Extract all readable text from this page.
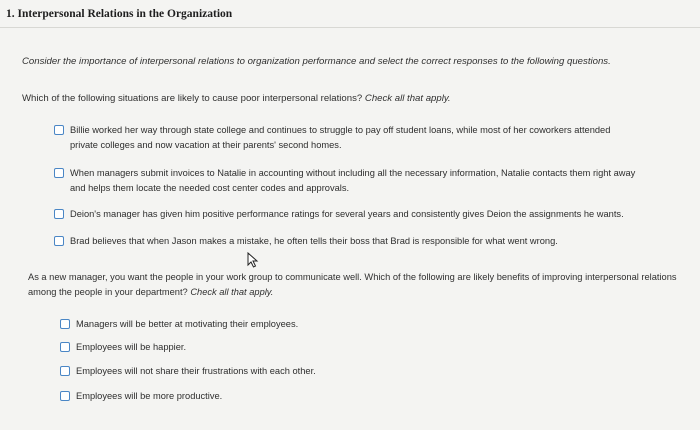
1. Interpersonal Relations in the Organization
Consider the importance of interpersonal relations to organization performance and select the correct responses to the following questions.
Which of the following situations are likely to cause poor interpersonal relations? Check all that apply.
Billie worked her way through state college and continues to struggle to pay off student loans, while most of her coworkers attended
private colleges and now vacation at their parents' second homes.
When managers submit invoices to Natalie in accounting without including all the necessary information, Natalie contacts them right away
and helps them locate the needed cost center codes and approvals.
Deion's manager has given him positive performance ratings for several years and consistently gives Deion the assignments he wants.
Brad believes that when Jason makes a mistake, he often tells their boss that Brad is responsible for what went wrong.
As a new manager, you want the people in your work group to communicate well. Which of the following are likely benefits of improving interpersonal relations among the people in your department? Check all that apply.
Managers will be better at motivating their employees.
Employees will be happier.
Employees will not share their frustrations with each other.
Employees will be more productive.
